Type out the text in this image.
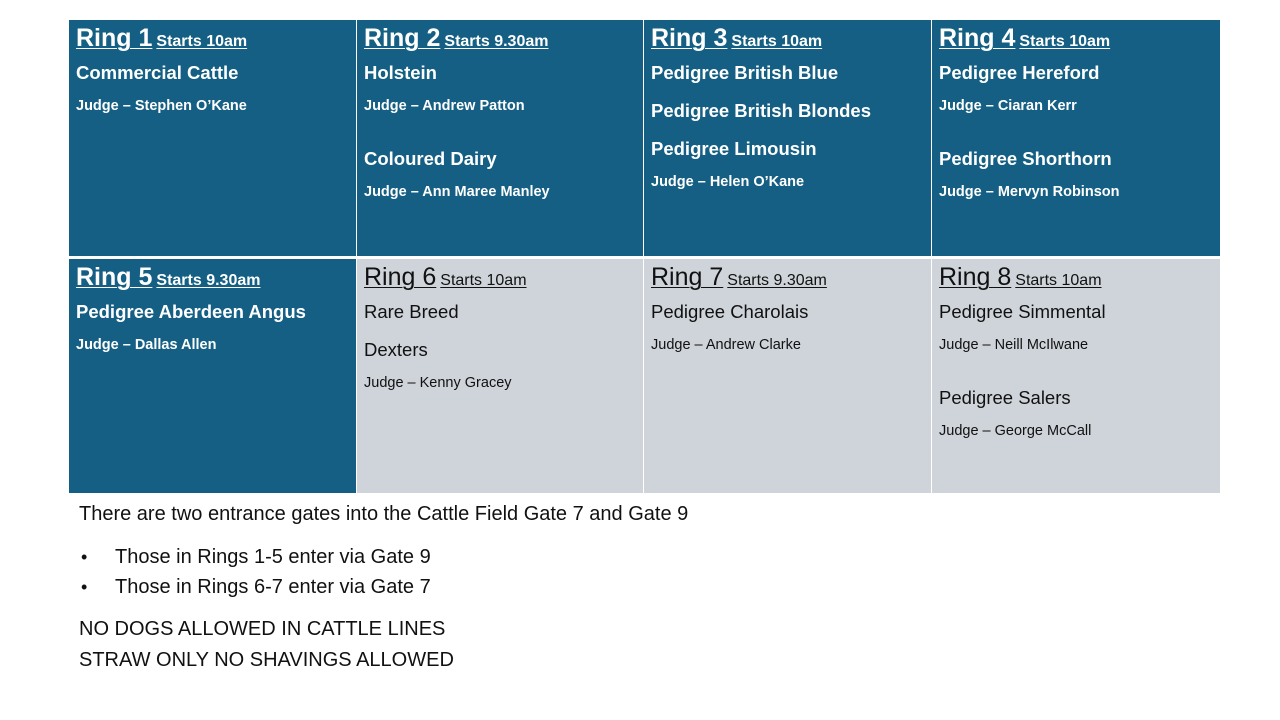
Ring 1 Starts 10am
Commercial Cattle
Judge – Stephen O’Kane
Ring 2 Starts 9.30am
Holstein
Judge – Andrew Patton
Coloured Dairy
Judge – Ann Maree Manley
Ring 3 Starts 10am
Pedigree British Blue
Pedigree British Blondes
Pedigree Limousin
Judge – Helen O’Kane
Ring 4 Starts 10am
Pedigree Hereford
Judge – Ciaran Kerr
Pedigree Shorthorn
Judge – Mervyn Robinson
Ring 5 Starts 9.30am
Pedigree Aberdeen Angus
Judge – Dallas Allen
Ring 6 Starts 10am
Rare Breed
Dexters
Judge – Kenny Gracey
Ring 7 Starts 9.30am
Pedigree Charolais
Judge – Andrew Clarke
Ring 8 Starts 10am
Pedigree Simmental
Judge – Neill McIlwane
Pedigree Salers
Judge – George McCall

There are two entrance gates into the Cattle Field Gate 7 and Gate 9

• Those in Rings 1-5 enter via Gate 9
• Those in Rings 6-7 enter via Gate 7
NO DOGS ALLOWED IN CATTLE LINES
STRAW ONLY NO SHAVINGS ALLOWED
